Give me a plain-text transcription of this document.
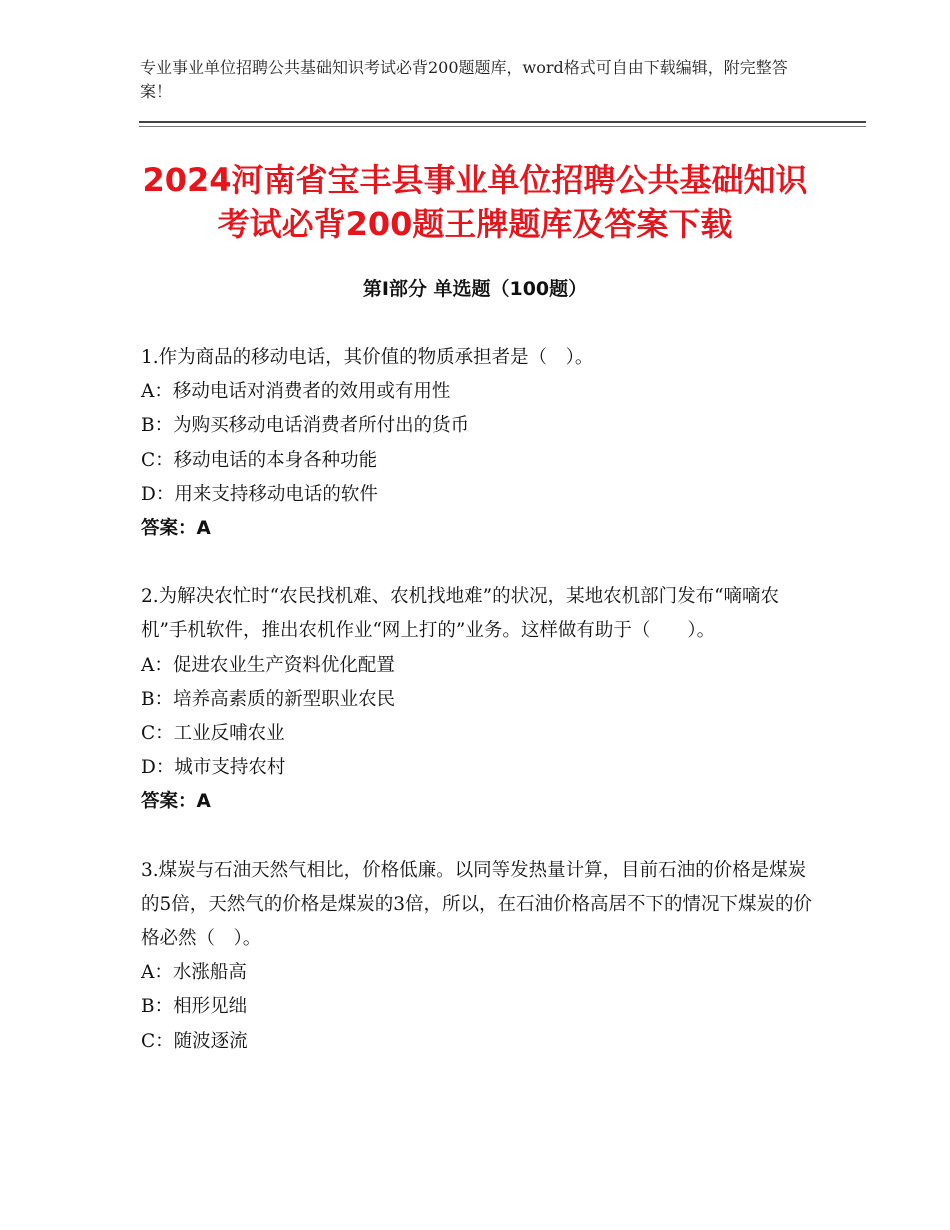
专业事业单位招聘公共基础知识考试必背200题题库，word格式可自由下载编辑，附完整答案！
2024河南省宝丰县事业单位招聘公共基础知识考试必背200题王牌题库及答案下载
第Ⅰ部分 单选题（100题）

1.作为商品的移动电话，其价值的物质承担者是（　）。

A：移动电话对消费者的效用或有用性

B：为购买移动电话消费者所付出的货币

C：移动电话的本身各种功能

D：用来支持移动电话的软件

答案：A

2.为解决农忙时“农民找机难、农机找地难”的状况，某地农机部门发布“嘀嘀农机”手机软件，推出农机作业“网上打的”业务。这样做有助于（　　）。

A：促进农业生产资料优化配置

B：培养高素质的新型职业农民

C：工业反哺农业

D：城市支持农村

答案：A

3.煤炭与石油天然气相比，价格低廉。以同等发热量计算，目前石油的价格是煤炭的5倍，天然气的价格是煤炭的3倍，所以，在石油价格高居不下的情况下煤炭的价格必然（　）。

A：水涨船高

B：相形见绌

C：随波逐流
